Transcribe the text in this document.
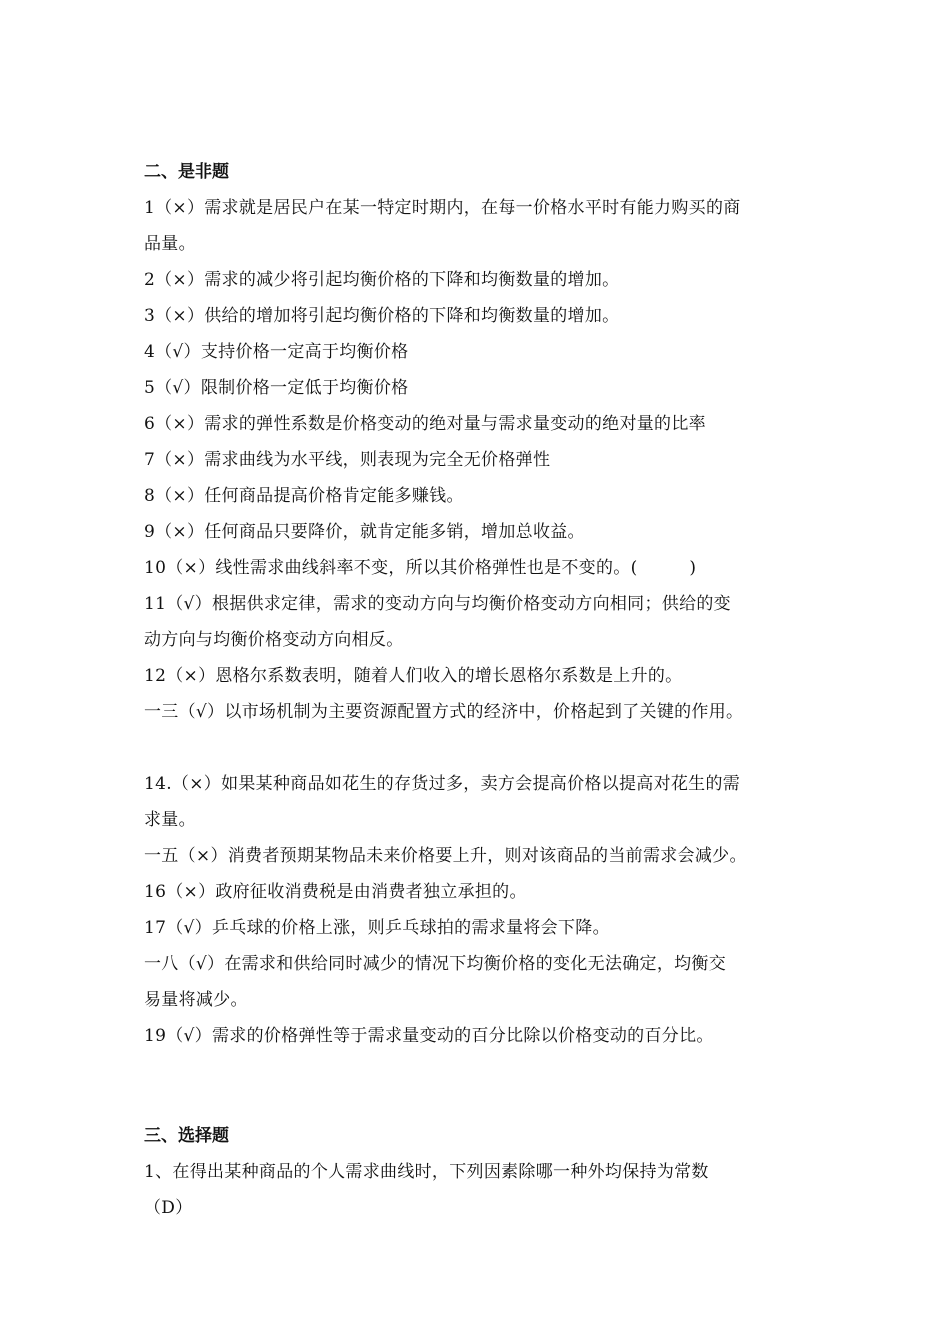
二、是非题
1（×）需求就是居民户在某一特定时期内，在每一价格水平时有能力购买的商
品量。
2（×）需求的减少将引起均衡价格的下降和均衡数量的增加。
3（×）供给的增加将引起均衡价格的下降和均衡数量的增加。
4（√）支持价格一定高于均衡价格
5（√）限制价格一定低于均衡价格
6（×）需求的弹性系数是价格变动的绝对量与需求量变动的绝对量的比率
7（×）需求曲线为水平线，则表现为完全无价格弹性
8（×）任何商品提高价格肯定能多赚钱。
9（×）任何商品只要降价，就肯定能多销，增加总收益。
10（×）线性需求曲线斜率不变，所以其价格弹性也是不变的。(　　　)
11（√）根据供求定律，需求的变动方向与均衡价格变动方向相同；供给的变
动方向与均衡价格变动方向相反。
12（×）恩格尔系数表明，随着人们收入的增长恩格尔系数是上升的。
一三（√）以市场机制为主要资源配置方式的经济中，价格起到了关键的作用。
14.（×）如果某种商品如花生的存货过多，卖方会提高价格以提高对花生的需
求量。
一五（×）消费者预期某物品未来价格要上升，则对该商品的当前需求会减少。
16（×）政府征收消费税是由消费者独立承担的。
17（√）乒乓球的价格上涨，则乒乓球拍的需求量将会下降。
一八（√）在需求和供给同时减少的情况下均衡价格的变化无法确定，均衡交
易量将减少。
19（√）需求的价格弹性等于需求量变动的百分比除以价格变动的百分比。
三、选择题
1、在得出某种商品的个人需求曲线时，下列因素除哪一种外均保持为常数
（D）
